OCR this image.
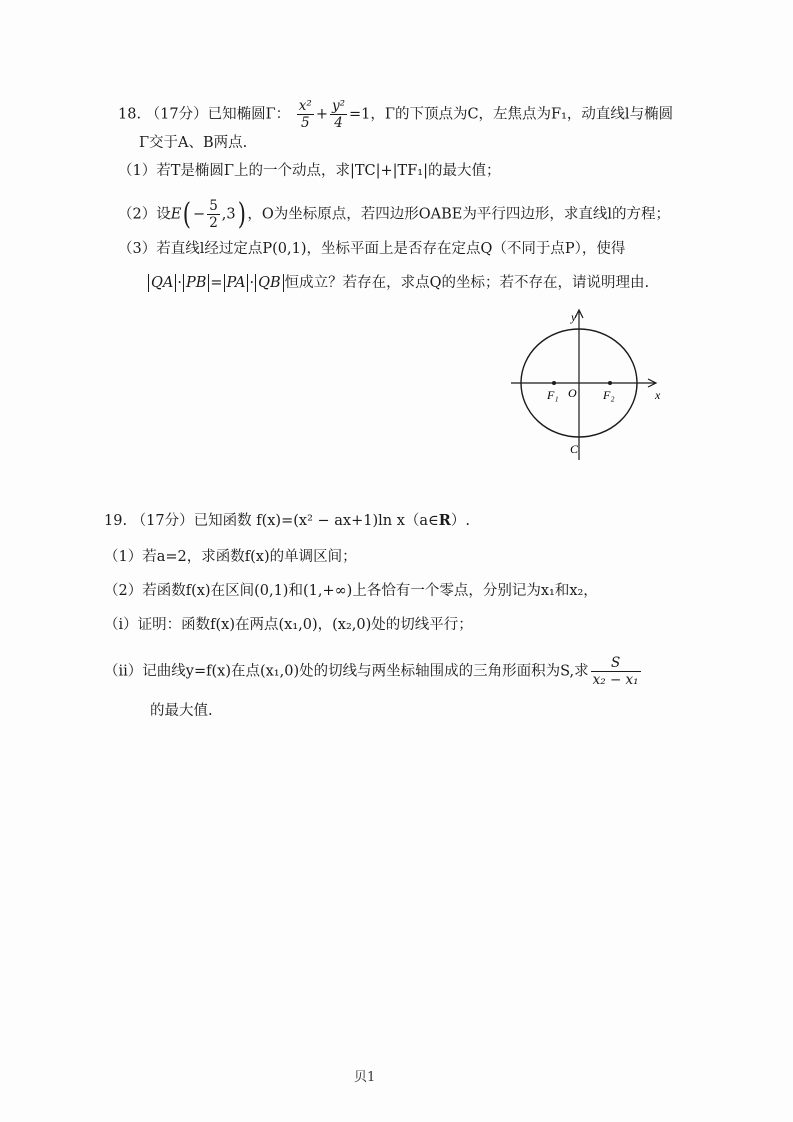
18. （17分）已知椭圆Γ： $\frac{\text{x²}}{5} + \frac{\text{y²}}{4} =1$，Γ的下顶点为C，左焦点为F₁，动直线l与椭圆
Γ交于A、B两点.
（1）若T是椭圆Γ上的一个动点，求|TC|+|TF₁|的最大值；
（2）设$E( - \frac{5}{2} ,3)$ ，O为坐标原点，若四边形OABE为平行四边形，求直线l的方程；
（3）若直线l经过定点P(0,1)，坐标平面上是否存在定点Q（不同于点P），使得
QA · PB = PA · QB 恒成立？若存在，求点Q的坐标；若不存在，请说明理由.
y
x
O
F₁	F₂
C
19. （17分）已知函数 f(x)=(x² − ax+1)ln x（a∈R）.
（1）若a=2，求函数f(x)的单调区间；
（2）若函数f(x)在区间(0,1)和(1,+∞)上各恰有一个零点，分别记为x₁和x₂，
（ⅰ）证明：函数f(x)在两点(x₁,0)，(x₂,0)处的切线平行；
（ⅱ）记曲线y=f(x)在点(x₁,0)处的切线与两坐标轴围成的三角形面积为S,求 $\frac{S}{\text{x₂ − x₁}}$
的最大值.
贝1
